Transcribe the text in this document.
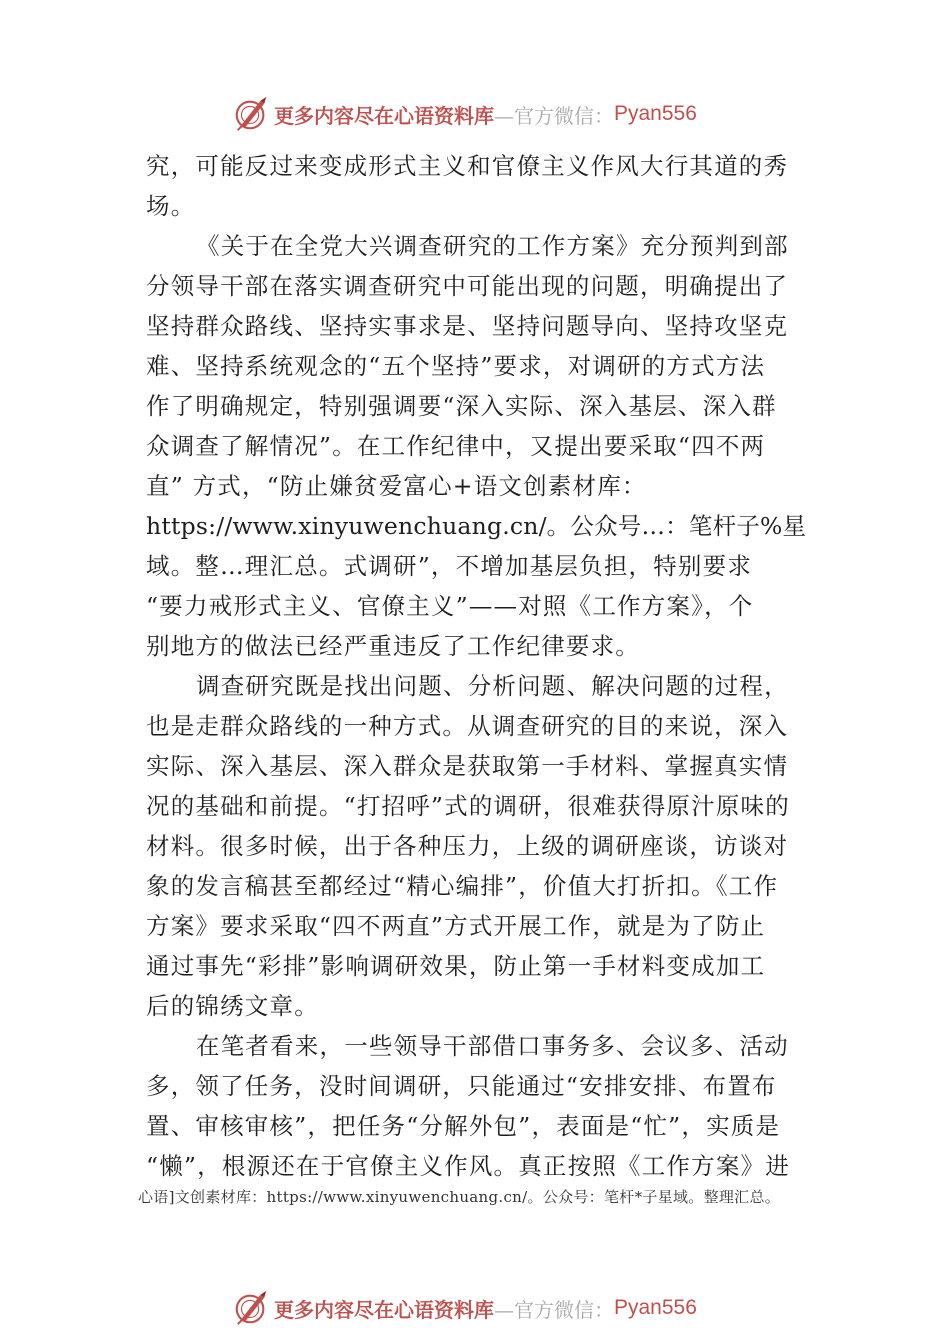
更多内容尽在心语资料库 —官方微信： Pyan556
究，可能反过来变成形式主义和官僚主义作风大行其道的秀
场。
《关于在全党大兴调查研究的工作方案》充分预判到部
分领导干部在落实调查研究中可能出现的问题，明确提出了
坚持群众路线、坚持实事求是、坚持问题导向、坚持攻坚克
难、坚持系统观念的“五个坚持”要求，对调研的方式方法
作了明确规定，特别强调要“深入实际、深入基层、深入群
众调查了解情况”。在工作纪律中，又提出要采取“四不两
直” 方式，“防止嫌贫爱富心+语文创素材库：
https://www.xinyuwenchuang.cn/。公众号…：笔杆子%星
域。整…理汇总。式调研”，不增加基层负担，特别要求
“要力戒形式主义、官僚主义”——对照《工作方案》，个
别地方的做法已经严重违反了工作纪律要求。
调查研究既是找出问题、分析问题、解决问题的过程，
也是走群众路线的一种方式。从调查研究的目的来说，深入
实际、深入基层、深入群众是获取第一手材料、掌握真实情
况的基础和前提。“打招呼”式的调研，很难获得原汁原味的
材料。很多时候，出于各种压力，上级的调研座谈，访谈对
象的发言稿甚至都经过“精心编排”，价值大打折扣。《工作
方案》要求采取“四不两直”方式开展工作，就是为了防止
通过事先“彩排”影响调研效果，防止第一手材料变成加工
后的锦绣文章。
在笔者看来，一些领导干部借口事务多、会议多、活动
多，领了任务，没时间调研，只能通过“安排安排、布置布
置、审核审核”，把任务“分解外包”，表面是“忙”，实质是
“懒”，根源还在于官僚主义作风。真正按照《工作方案》进
心语]文创素材库：https://www.xinyuwenchuang.cn/。公众号：笔杆*子星域。整理汇总。
更多内容尽在心语资料库 —官方微信： Pyan556
